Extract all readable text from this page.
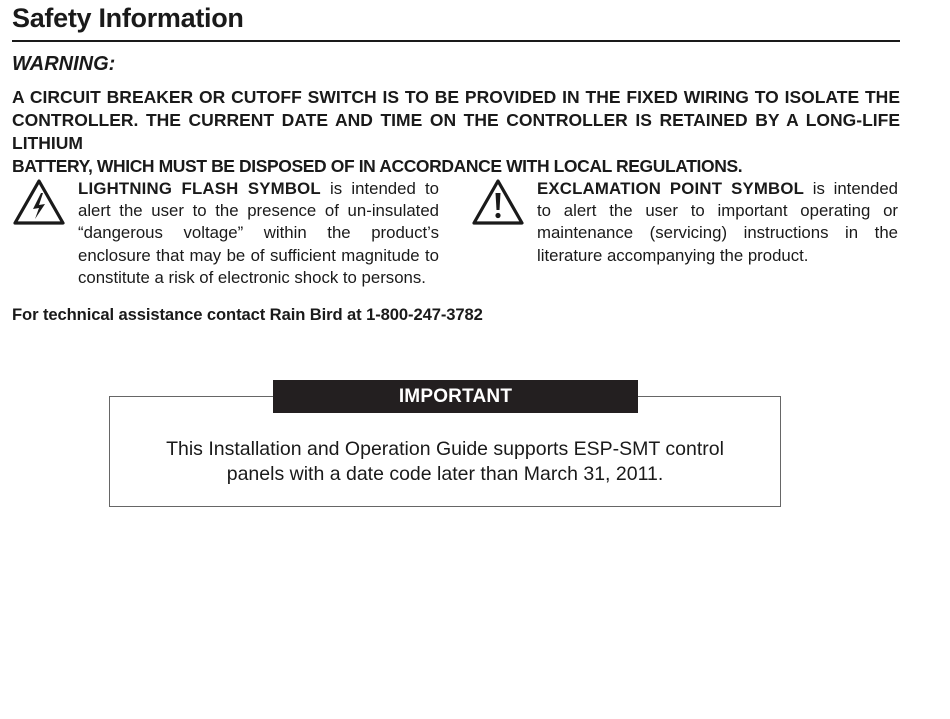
Safety Information
WARNING:

A CIRCUIT BREAKER OR CUTOFF SWITCH IS TO BE PROVIDED IN THE FIXED WIRING TO ISOLATE THE CONTROLLER. THE CURRENT DATE AND TIME ON THE CONTROLLER IS RETAINED BY A LONG-LIFE LITHIUM
BATTERY, WHICH MUST BE DISPOSED OF IN ACCORDANCE WITH LOCAL REGULATIONS.

LIGHTNING FLASH SYMBOL is intended to alert the user to the presence of un-insulated “dangerous voltage” within the product’s enclosure that may be of sufficient magnitude to constitute a risk of electronic shock to persons.

EXCLAMATION POINT SYMBOL is intended to alert the user to important operating or maintenance (servicing) instructions in the literature accompanying the product.

For technical assistance contact Rain Bird at 1-800-247-3782

IMPORTANT

This Installation and Operation Guide supports ESP-SMT control
panels with a date code later than March 31, 2011.
